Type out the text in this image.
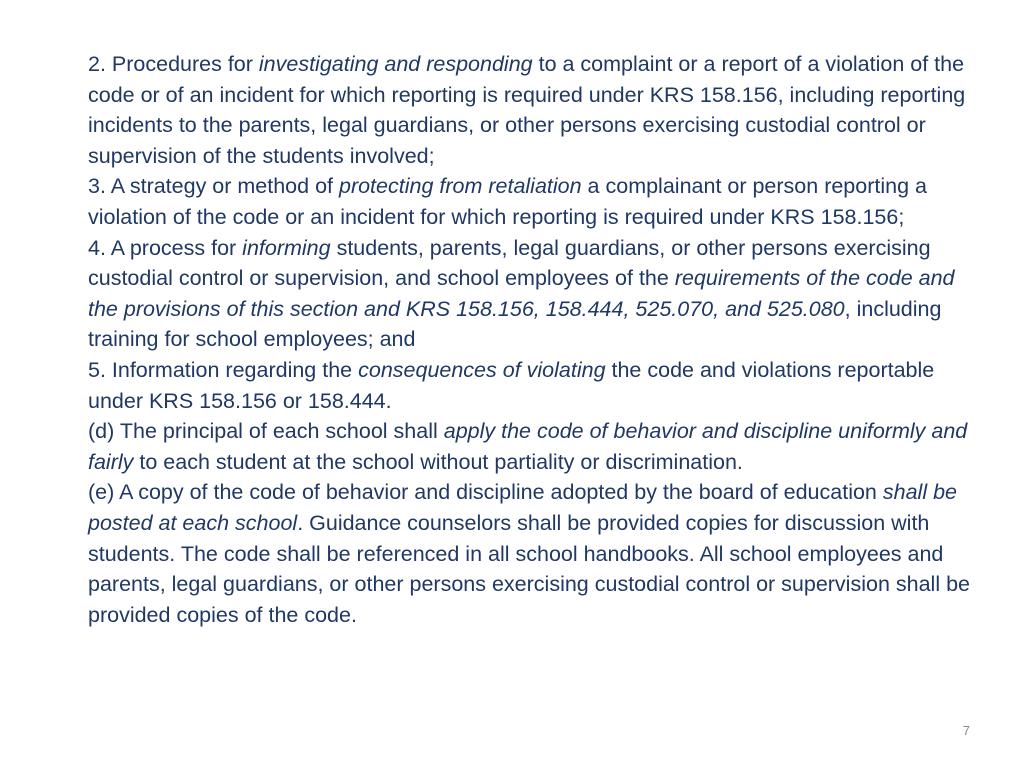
2. Procedures for investigating and responding to a complaint or a report of a violation of the code or of an incident for which reporting is required under KRS 158.156, including reporting incidents to the parents, legal guardians, or other persons exercising custodial control or supervision of the students involved;

3. A strategy or method of protecting from retaliation a complainant or person reporting a violation of the code or an incident for which reporting is required under KRS 158.156;

4. A process for informing students, parents, legal guardians, or other persons exercising custodial control or supervision, and school employees of the requirements of the code and the provisions of this section and KRS 158.156, 158.444, 525.070, and 525.080, including training for school employees; and

5. Information regarding the consequences of violating the code and violations reportable under KRS 158.156 or 158.444.

(d) The principal of each school shall apply the code of behavior and discipline uniformly and fairly to each student at the school without partiality or discrimination.

(e) A copy of the code of behavior and discipline adopted by the board of education shall be posted at each school. Guidance counselors shall be provided copies for discussion with students. The code shall be referenced in all school handbooks. All school employees and parents, legal guardians, or other persons exercising custodial control or supervision shall be provided copies of the code.

7
